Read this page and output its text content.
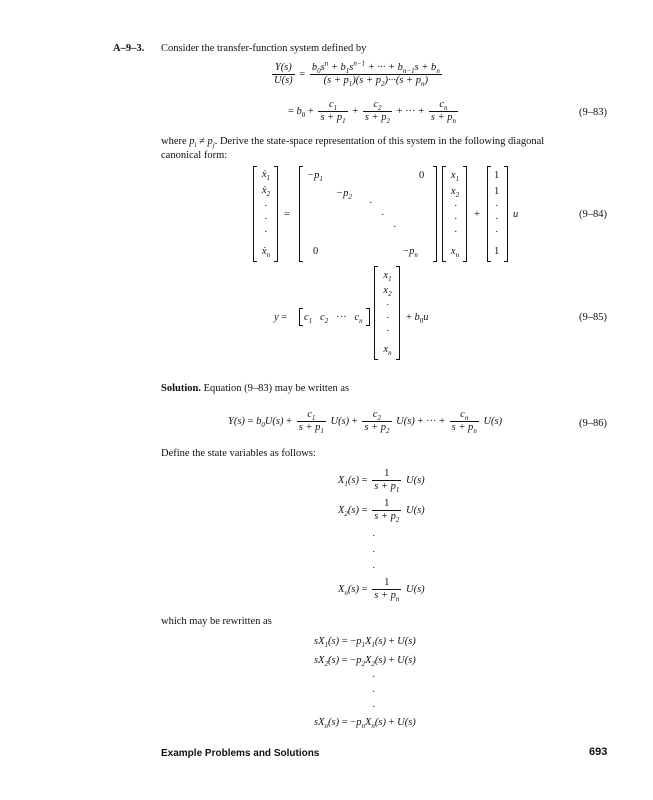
A–9–3. Consider the transfer-function system defined by
$\frac{Y(s)}{U(s)} = \frac{b_0s^n + b_1s^{n-1} + \cdot\cdot\cdot + b_{n-1}s + b_n}{(s + p_1)(s + p_2)\cdot\cdot\cdot(s + p_n)}$
= $b_0 + \frac{c_1}{s + p_1} + \frac{c_2}{s + p_2}$ + ··· + $\frac{c_n}{s + p_n}$	(9–83)
where $p_i \ne p_j$. Derive the state-space representation of this system in the following diagonal
canonical form:
ẋ$_1$
ẋ$_2$
·
·
·
ẋ$_n$
=
$-p_1$	0
$-p_2$
·
·
·
0	$-p_n$
$x_1$
$x_2$
·
·
·
$x_n$
+
1
1
·
·
·
1
u	(9–84)
$y = c_1$   $c_2$ ···   $c_n$
$x_1$
$x_2$
·
·
·
$x_n$
+ $b_0u$	(9–85)
Solution. Equation (9–83) may be written as
$Y(s) = b_0U(s) + \frac{c_1}{s + p_1} U(s) + \frac{c_2}{s + p_2} U(s)$ + ··· + $\frac{c_n}{s + p_n} U(s)$	(9–86)
Define the state variables as follows:
$X_1(s) = \frac{1}{s + p_1} U(s)$
$X_2(s) = \frac{1}{s + p_2} U(s)$
·
·
·
$X_n(s) = \frac{1}{s + p_n} U(s)$
which may be rewritten as
$sX_1(s) = -p_1X_1(s) + U(s)$
$sX_2(s) = -p_2X_2(s) + U(s)$
·
·
·
$sX_n(s) = -p_nX_n(s) + U(s)$
Example Problems and Solutions	693
